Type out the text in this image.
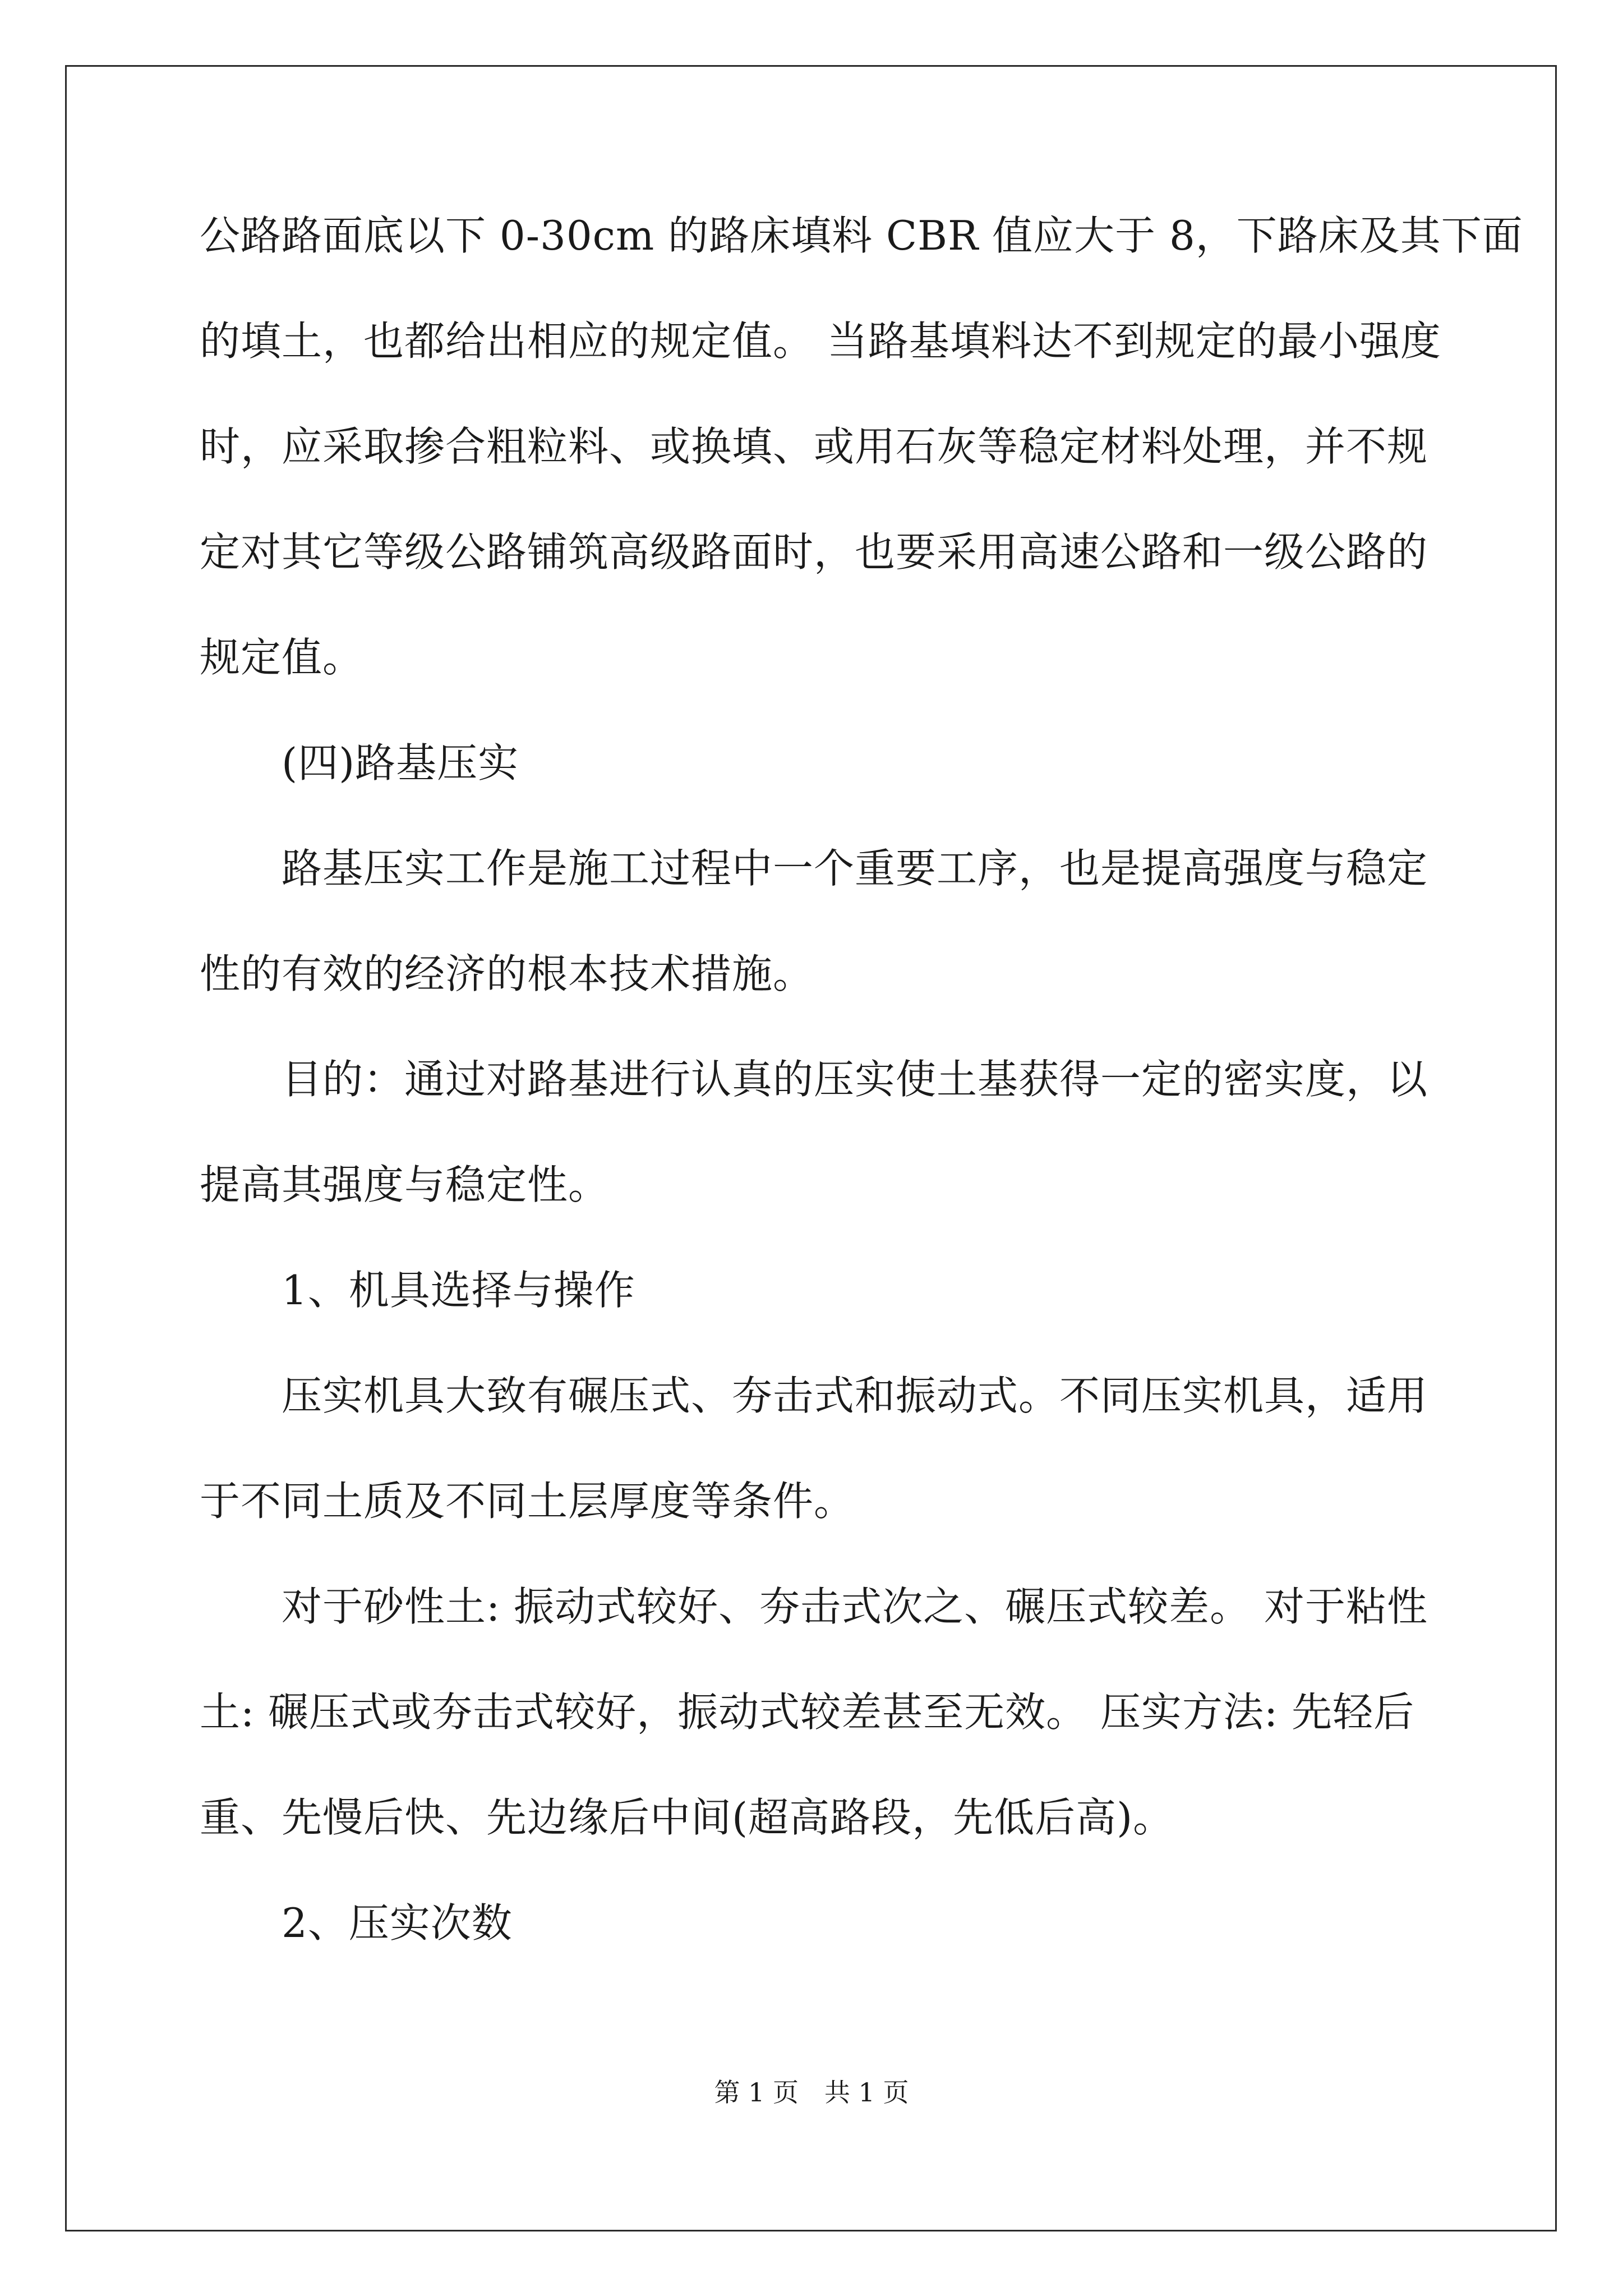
公路路面底以下 0-30cm 的路床填料 CBR 值应大于 8，下路床及其下面
的填土，也都给出相应的规定值。 当路基填料达不到规定的最小强度
时，应采取掺合粗粒料、或换填、或用石灰等稳定材料处理，并不规
定对其它等级公路铺筑高级路面时，也要采用高速公路和一级公路的
规定值。
　　(四)路基压实
　　路基压实工作是施工过程中一个重要工序，也是提高强度与稳定
性的有效的经济的根本技术措施。
　　目的：通过对路基进行认真的压实使土基获得一定的密实度，以
提高其强度与稳定性。
　　1、机具选择与操作
　　压实机具大致有碾压式、夯击式和振动式。不同压实机具，适用
于不同土质及不同土层厚度等条件。
　　对于砂性土: 振动式较好、夯击式次之、碾压式较差。 对于粘性
土: 碾压式或夯击式较好，振动式较差甚至无效。 压实方法: 先轻后
重、先慢后快、先边缘后中间(超高路段，先低后高)。
　　2、压实次数
第 1 页　共 1 页
